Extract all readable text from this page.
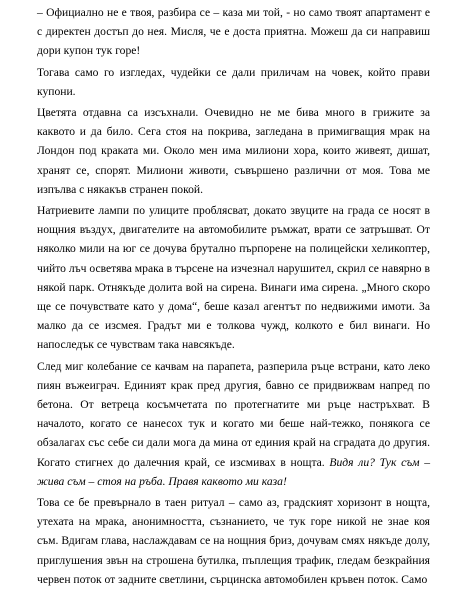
– Официално не е твоя, разбира се – каза ми той, - но само твоят апартамент е с директен достъп до нея. Мисля, че е доста приятна. Можеш да си направиш дори купон тук горе!

Тогава само го изгледах, чудейки се дали приличам на човек, който прави купони.

Цветята отдавна са изсъхнали. Очевидно не ме бива много в грижите за каквото и да било. Сега стоя на покрива, загледана в примигващия мрак на Лондон под краката ми. Около мен има милиони хора, които живеят, дишат, хранят се, спорят. Милиони животи, съвършено различни от моя. Това ме изпълва с някакъв странен покой.

Натриевите лампи по улиците проблясват, докато звуците на града се носят в нощния въздух, двигателите на автомобилите ръмжат, врати се затръшват. От няколко мили на юг се дочува брутално пърпорене на полицейски хеликоптер, чийто лъч осветява мрака в търсене на изчезнал нарушител, скрил се навярно в някой парк. Отнякъде долита вой на сирена. Винаги има сирена. „Много скоро ще се почувствате като у дома“, беше казал агентът по недвижими имоти. За малко да се изсмея. Градът ми е толкова чужд, колкото е бил винаги. Но напоследък се чувствам така навсякъде.

След миг колебание се качвам на парапета, разперила ръце встрани, като леко пиян въжеиграч. Единият крак пред другия, бавно се придвижвам напред по бетона. От ветреца косъмчетата по протегнатите ми ръце настръхват. В началото, когато се нанесох тук и когато ми беше най-тежко, понякога се обзалагах със себе си дали мога да мина от единия край на сградата до другия. Когато стигнех до далечния край, се изсмивах в нощта. Видя ли? Тук съм – жива съм – стоя на ръба. Правя каквото ми каза!

Това се бе превърнало в таен ритуал – само аз, градският хоризонт в нощта, утехата на мрака, анонимността, съзнанието, че тук горе никой не знае коя съм. Вдигам глава, наслаждавам се на нощния бриз, дочувам смях някъде долу, приглушения звън на строшена бутилка, пъплещия трафик, гледам безкрайния червен поток от задните светлини, сърцинска автомобилен кръвен поток. Само
